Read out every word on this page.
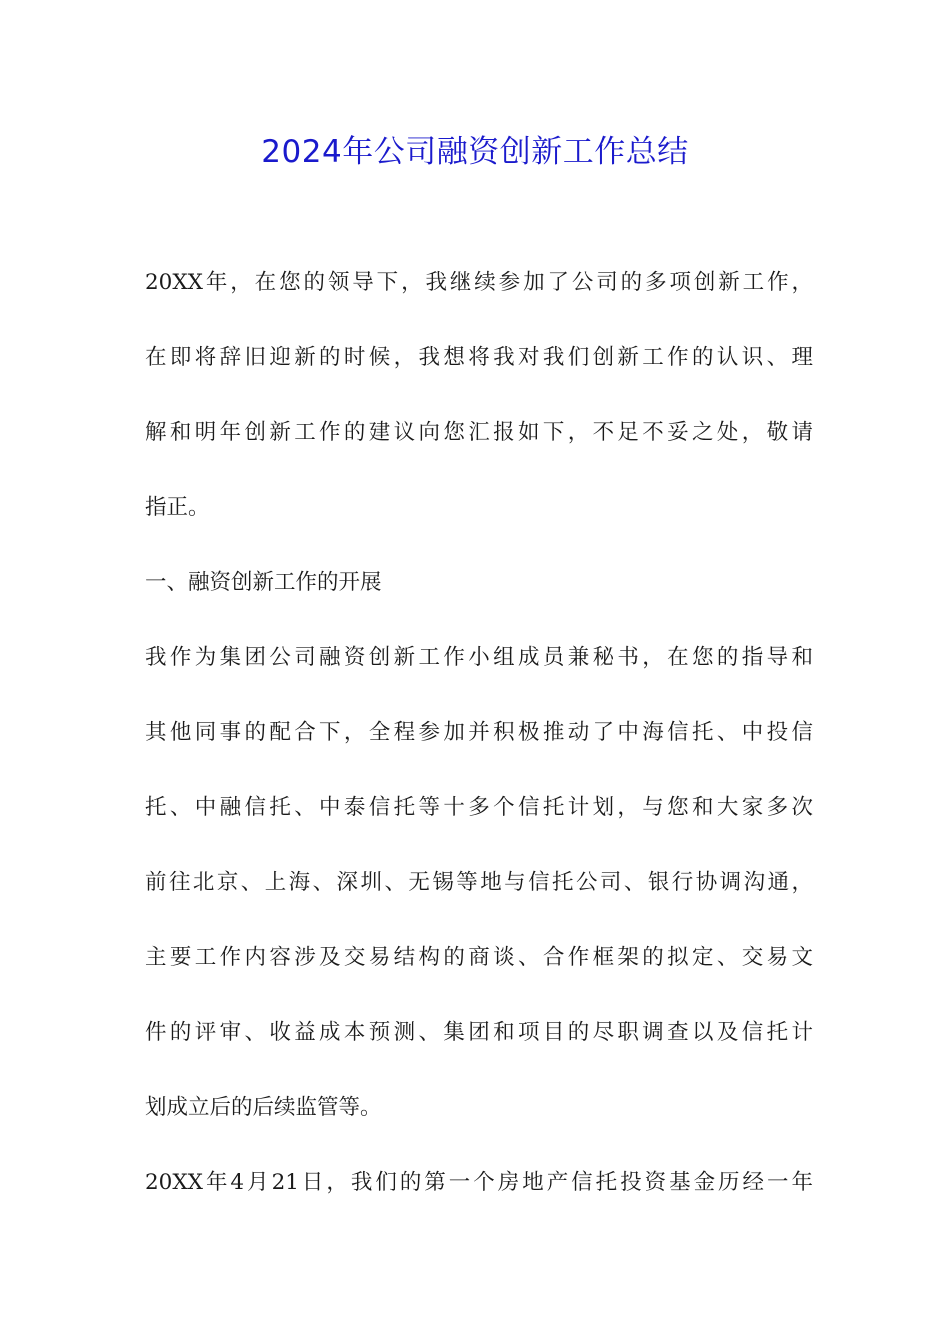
2024年公司融资创新工作总结
20XX年，在您的领导下，我继续参加了公司的多项创新工作，
在即将辞旧迎新的时候，我想将我对我们创新工作的认识、理
解和明年创新工作的建议向您汇报如下，不足不妥之处，敬请
指正。
一、融资创新工作的开展
我作为集团公司融资创新工作小组成员兼秘书，在您的指导和
其他同事的配合下，全程参加并积极推动了中海信托、中投信
托、中融信托、中泰信托等十多个信托计划，与您和大家多次
前往北京、上海、深圳、无锡等地与信托公司、银行协调沟通，
主要工作内容涉及交易结构的商谈、合作框架的拟定、交易文
件的评审、收益成本预测、集团和项目的尽职调查以及信托计
划成立后的后续监管等。
20XX年4月21日，我们的第一个房地产信托投资基金历经一年
